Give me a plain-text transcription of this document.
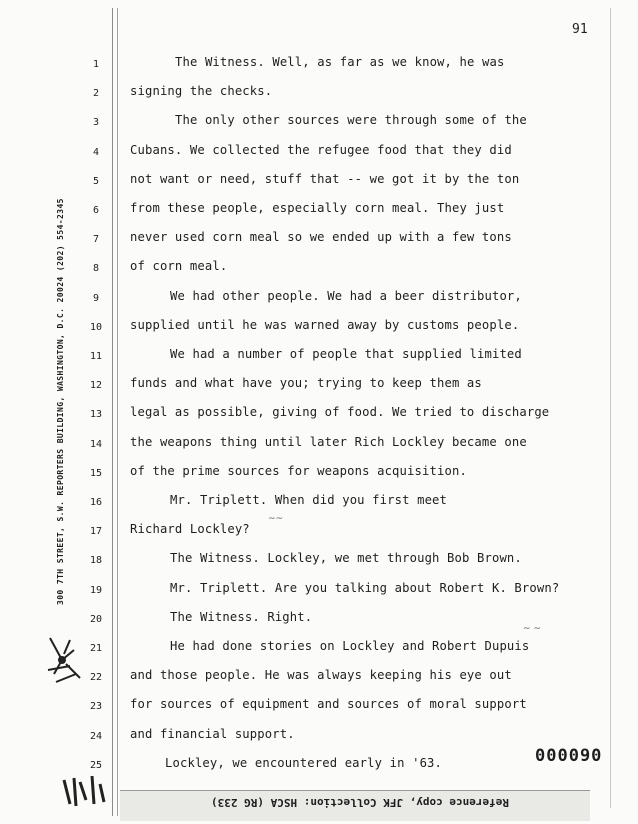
91
300 7TH STREET, S.W. REPORTERS BUILDING, WASHINGTON, D.C. 20024 (202) 554-2345
1
2
3
4
5
6
7
8
9
10
11
12
13
14
15
16
17
18
19
20
21
22
23
24
25
The Witness. Well, as far as we know, he was
signing the checks.
The only other sources were through some of the
Cubans. We collected the refugee food that they did
not want or need, stuff that -- we got it by the ton
from these people, especially corn meal. They just
never used corn meal so we ended up with a few tons
of corn meal.
We had other people. We had a beer distributor,
supplied until he was warned away by customs people.
We had a number of people that supplied limited
funds and what have you; trying to keep them as
legal as possible, giving of food. We tried to discharge
the weapons thing until later Rich Lockley became one
of the prime sources for weapons acquisition.
Mr. Triplett. When did you first meet
Richard Lockley?
The Witness. Lockley, we met through Bob Brown.
Mr. Triplett. Are you talking about Robert K. Brown?
The Witness. Right.
He had done stories on Lockley and Robert Dupuis
and those people. He was always keeping his eye out
for sources of equipment and sources of moral support
and financial support.
Lockley, we encountered early in '63.
~~
~ ~
000090
Reference copy, JFK Collection: HSCA (RG 233)
